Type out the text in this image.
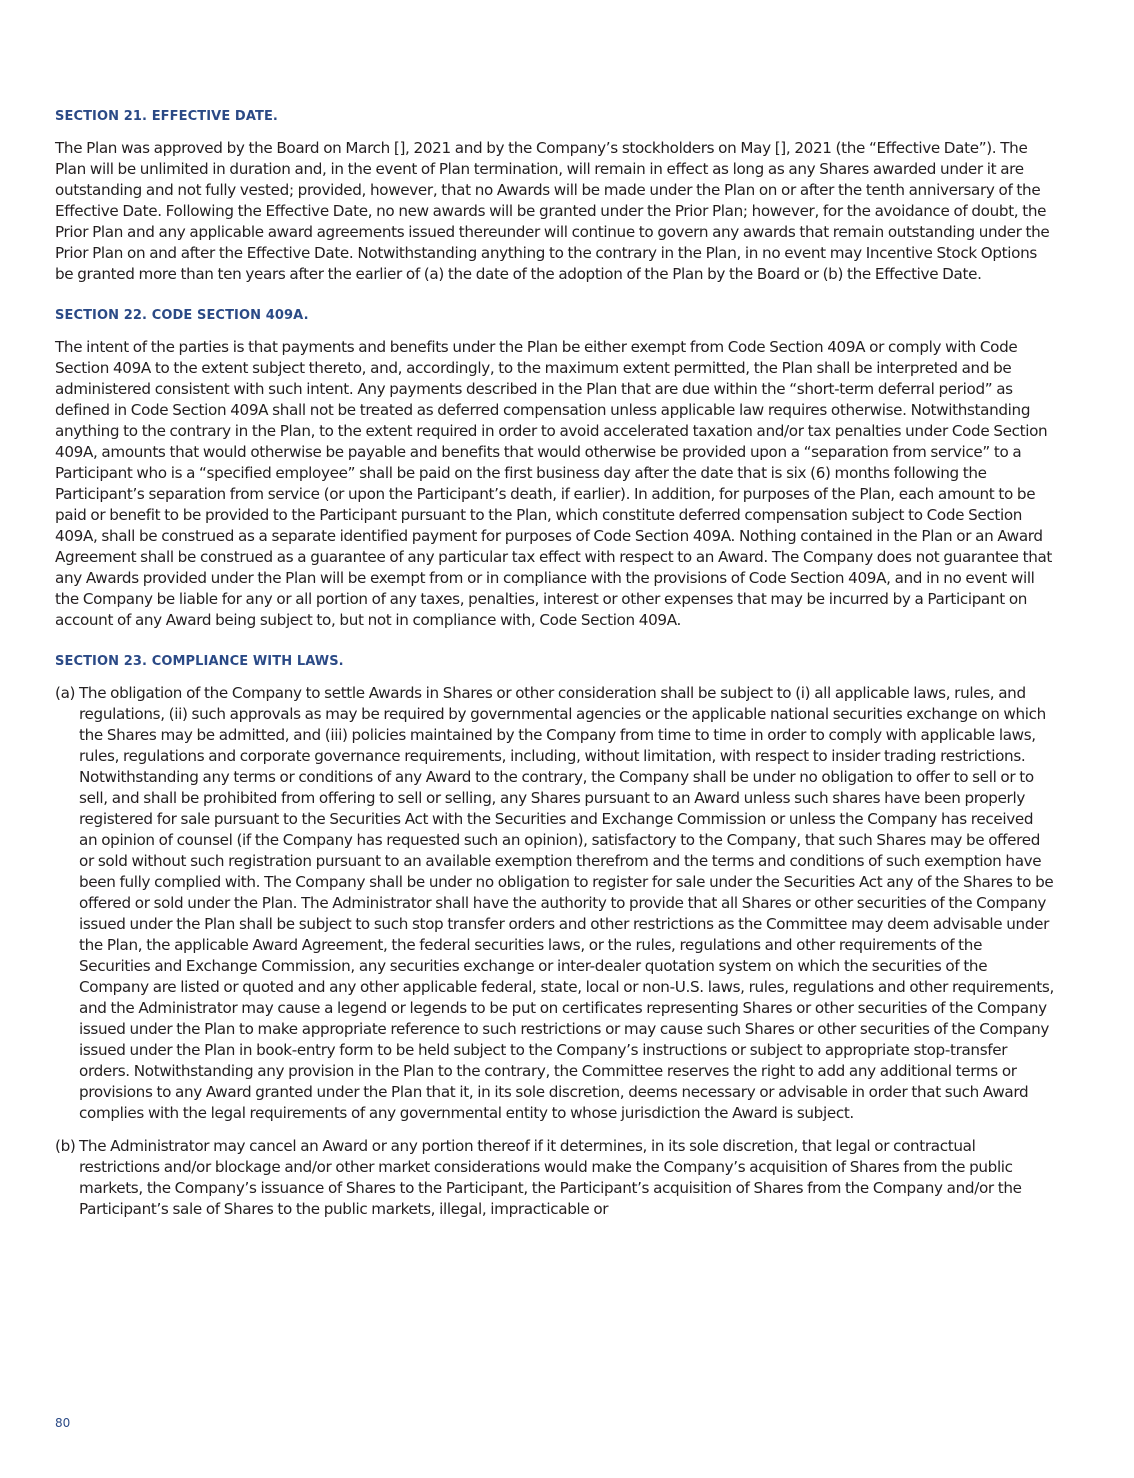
SECTION 21. EFFECTIVE DATE.

The Plan was approved by the Board on March [], 2021 and by the Company’s stockholders on May [], 2021 (the “Effective Date”). The Plan will be unlimited in duration and, in the event of Plan termination, will remain in effect as long as any Shares awarded under it are outstanding and not fully vested; provided, however, that no Awards will be made under the Plan on or after the tenth anniversary of the Effective Date. Following the Effective Date, no new awards will be granted under the Prior Plan; however, for the avoidance of doubt, the Prior Plan and any applicable award agreements issued thereunder will continue to govern any awards that remain outstanding under the Prior Plan on and after the Effective Date. Notwithstanding anything to the contrary in the Plan, in no event may Incentive Stock Options be granted more than ten years after the earlier of (a) the date of the adoption of the Plan by the Board or (b) the Effective Date.

SECTION 22. CODE SECTION 409A.

The intent of the parties is that payments and benefits under the Plan be either exempt from Code Section 409A or comply with Code Section 409A to the extent subject thereto, and, accordingly, to the maximum extent permitted, the Plan shall be interpreted and be administered consistent with such intent. Any payments described in the Plan that are due within the “short-term deferral period” as defined in Code Section 409A shall not be treated as deferred compensation unless applicable law requires otherwise. Notwithstanding anything to the contrary in the Plan, to the extent required in order to avoid accelerated taxation and/or tax penalties under Code Section 409A, amounts that would otherwise be payable and benefits that would otherwise be provided upon a “separation from service” to a Participant who is a “specified employee” shall be paid on the first business day after the date that is six (6) months following the Participant’s separation from service (or upon the Participant’s death, if earlier). In addition, for purposes of the Plan, each amount to be paid or benefit to be provided to the Participant pursuant to the Plan, which constitute deferred compensation subject to Code Section 409A, shall be construed as a separate identified payment for purposes of Code Section 409A. Nothing contained in the Plan or an Award Agreement shall be construed as a guarantee of any particular tax effect with respect to an Award. The Company does not guarantee that any Awards provided under the Plan will be exempt from or in compliance with the provisions of Code Section 409A, and in no event will the Company be liable for any or all portion of any taxes, penalties, interest or other expenses that may be incurred by a Participant on account of any Award being subject to, but not in compliance with, Code Section 409A.

SECTION 23. COMPLIANCE WITH LAWS.
(a) The obligation of the Company to settle Awards in Shares or other consideration shall be subject to (i) all applicable laws, rules, and regulations, (ii) such approvals as may be required by governmental agencies or the applicable national securities exchange on which the Shares may be admitted, and (iii) policies maintained by the Company from time to time in order to comply with applicable laws, rules, regulations and corporate governance requirements, including, without limitation, with respect to insider trading restrictions. Notwithstanding any terms or conditions of any Award to the contrary, the Company shall be under no obligation to offer to sell or to sell, and shall be prohibited from offering to sell or selling, any Shares pursuant to an Award unless such shares have been properly registered for sale pursuant to the Securities Act with the Securities and Exchange Commission or unless the Company has received an opinion of counsel (if the Company has requested such an opinion), satisfactory to the Company, that such Shares may be offered or sold without such registration pursuant to an available exemption therefrom and the terms and conditions of such exemption have been fully complied with. The Company shall be under no obligation to register for sale under the Securities Act any of the Shares to be offered or sold under the Plan. The Administrator shall have the authority to provide that all Shares or other securities of the Company issued under the Plan shall be subject to such stop transfer orders and other restrictions as the Committee may deem advisable under the Plan, the applicable Award Agreement, the federal securities laws, or the rules, regulations and other requirements of the Securities and Exchange Commission, any securities exchange or inter-dealer quotation system on which the securities of the Company are listed or quoted and any other applicable federal, state, local or non-U.S. laws, rules, regulations and other requirements, and the Administrator may cause a legend or legends to be put on certificates representing Shares or other securities of the Company issued under the Plan to make appropriate reference to such restrictions or may cause such Shares or other securities of the Company issued under the Plan in book-entry form to be held subject to the Company’s instructions or subject to appropriate stop-transfer orders. Notwithstanding any provision in the Plan to the contrary, the Committee reserves the right to add any additional terms or provisions to any Award granted under the Plan that it, in its sole discretion, deems necessary or advisable in order that such Award complies with the legal requirements of any governmental entity to whose jurisdiction the Award is subject.
(b) The Administrator may cancel an Award or any portion thereof if it determines, in its sole discretion, that legal or contractual restrictions and/or blockage and/or other market considerations would make the Company’s acquisition of Shares from the public markets, the Company’s issuance of Shares to the Participant, the Participant’s acquisition of Shares from the Company and/or the Participant’s sale of Shares to the public markets, illegal, impracticable or
80
